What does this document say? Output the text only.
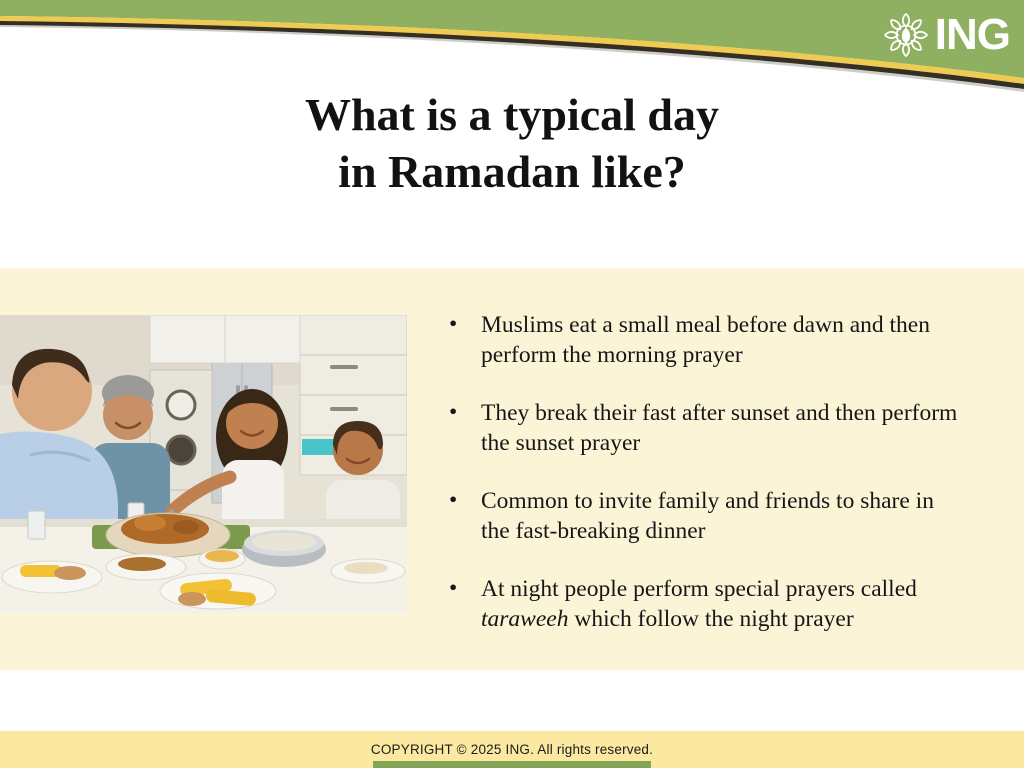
ING
What is a typical day
in Ramadan like?
• Muslims eat a small meal before dawn and then perform the morning prayer
• They break their fast after sunset and then perform the sunset prayer
• Common to invite family and friends to share in the fast-breaking dinner
• At night people perform special prayers called taraweeh which follow the night prayer
COPYRIGHT © 2025 ING. All rights reserved.
